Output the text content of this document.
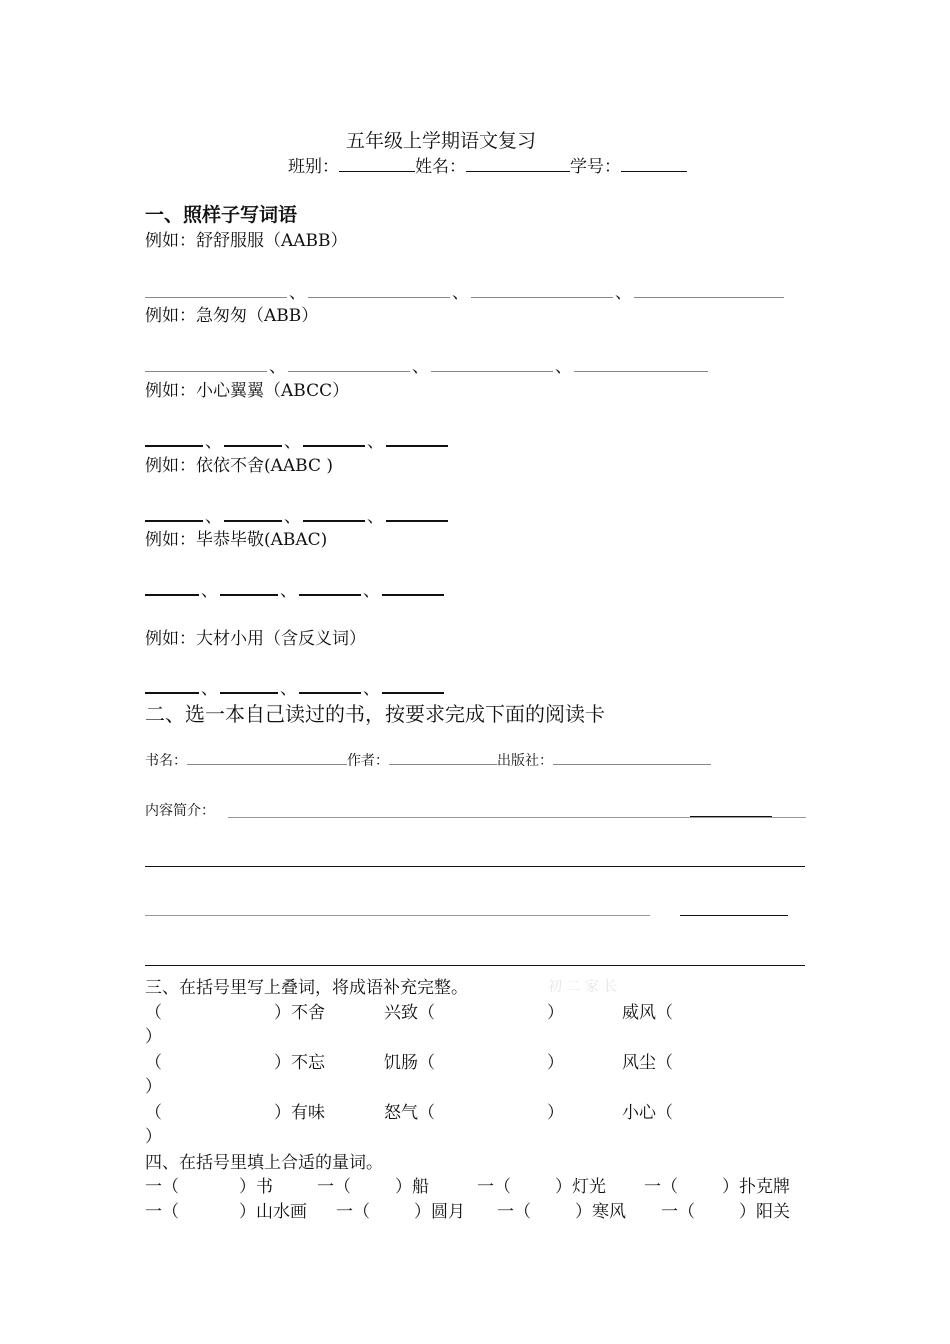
五年级上学期语文复习
班别：	姓名：	学号：
一、照样子写词语
例如：舒舒服服（AABB）
、	、	、
例如：急匆匆（ABB）
、	、	、
例如：小心翼翼（ABCC）
、	、	、
例如：依依不舍(AABC )
、	、	、
例如：毕恭毕敬(ABAC)
、	、	、
例如：大材小用（含反义词）
、	、	、
二、选一本自己读过的书，按要求完成下面的阅读卡
书名：	作者：	出版社：
内容简介：
三、在括号里写上叠词，将成语补充完整。	初 二 家 长
（	）不舍	兴致（	）	威风（
）
（	）不忘	饥肠（	）	风尘（
）
（	）有味	怒气（	）	小心（
）
四、在括号里填上合适的量词。
一（	）书	一（	）船	一（	）灯光 一（	）扑克牌
一（	）山水画 一（	）圆月 一（	）寒风 一（	）阳关
